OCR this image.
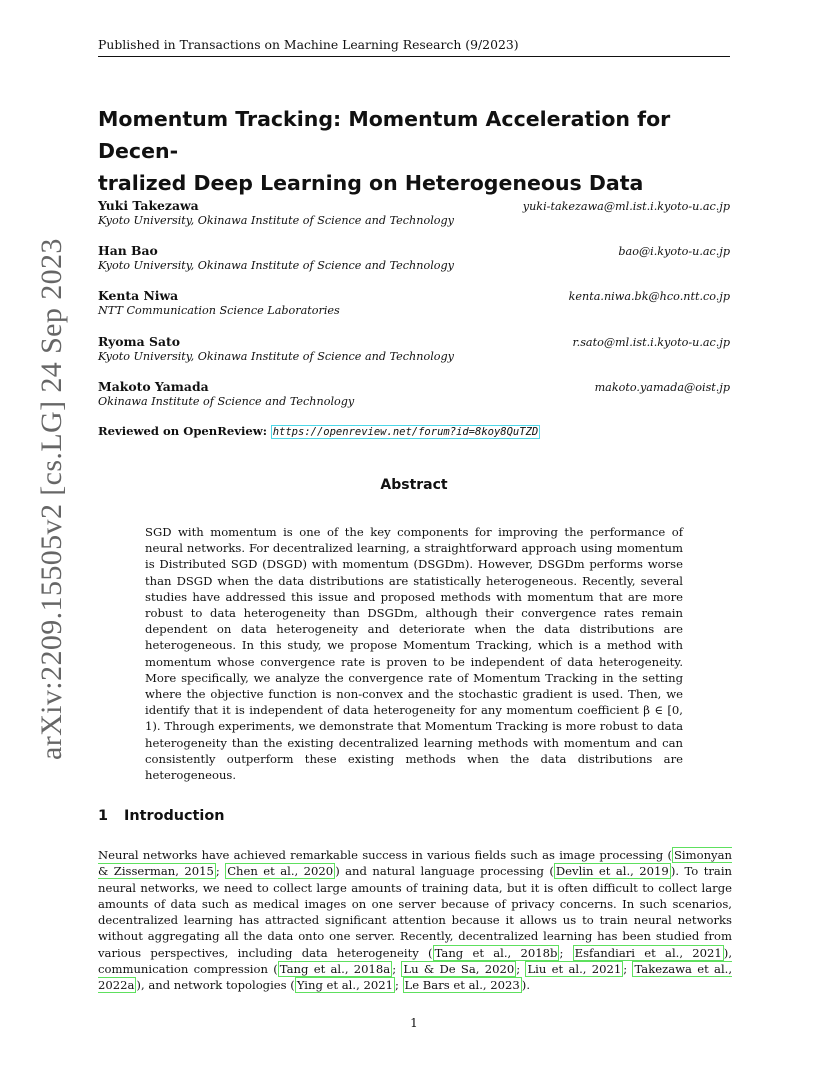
Published in Transactions on Machine Learning Research (9/2023)
arXiv:2209.15505v2 [cs.LG] 24 Sep 2023
Momentum Tracking: Momentum Acceleration for Decen-
tralized Deep Learning on Heterogeneous Data
Yuki Takezawa	yuki-takezawa@ml.ist.i.kyoto-u.ac.jp
Kyoto University, Okinawa Institute of Science and Technology
Han Bao	bao@i.kyoto-u.ac.jp
Kyoto University, Okinawa Institute of Science and Technology
Kenta Niwa	kenta.niwa.bk@hco.ntt.co.jp
NTT Communication Science Laboratories
Ryoma Sato	r.sato@ml.ist.i.kyoto-u.ac.jp
Kyoto University, Okinawa Institute of Science and Technology
Makoto Yamada	makoto.yamada@oist.jp
Okinawa Institute of Science and Technology
Reviewed on OpenReview: https://openreview.net/forum?id=8koy8QuTZD
Abstract
SGD with momentum is one of the key components for improving the performance of neural networks. For decentralized learning, a straightforward approach using momentum is Distributed SGD (DSGD) with momentum (DSGDm). However, DSGDm performs worse than DSGD when the data distributions are statistically heterogeneous. Recently, several studies have addressed this issue and proposed methods with momentum that are more robust to data heterogeneity than DSGDm, although their convergence rates remain dependent on data heterogeneity and deteriorate when the data distributions are heterogeneous. In this study, we propose Momentum Tracking, which is a method with momentum whose convergence rate is proven to be independent of data heterogeneity. More specifically, we analyze the convergence rate of Momentum Tracking in the setting where the objective function is non-convex and the stochastic gradient is used. Then, we identify that it is independent of data heterogeneity for any momentum coefficient β ∈ [0, 1). Through experiments, we demonstrate that Momentum Tracking is more robust to data heterogeneity than the existing decentralized learning methods with momentum and can consistently outperform these existing methods when the data distributions are heterogeneous.
1 Introduction
Neural networks have achieved remarkable success in various fields such as image processing ( Simonyan & Zisserman, 2015 ; Chen et al., 2020 ) and natural language processing ( Devlin et al., 2019 ). To train neural networks, we need to collect large amounts of training data, but it is often difficult to collect large amounts of data such as medical images on one server because of privacy concerns. In such scenarios, decentralized learning has attracted significant attention because it allows us to train neural networks without aggregating all the data onto one server. Recently, decentralized learning has been studied from various perspectives, including data heterogeneity ( Tang et al., 2018b ; Esfandiari et al., 2021 ), communication compression ( Tang et al., 2018a ; Lu & De Sa, 2020 ; Liu et al., 2021 ; Takezawa et al., 2022a ), and network topologies ( Ying et al., 2021 ; Le Bars et al., 2023 ).
1
